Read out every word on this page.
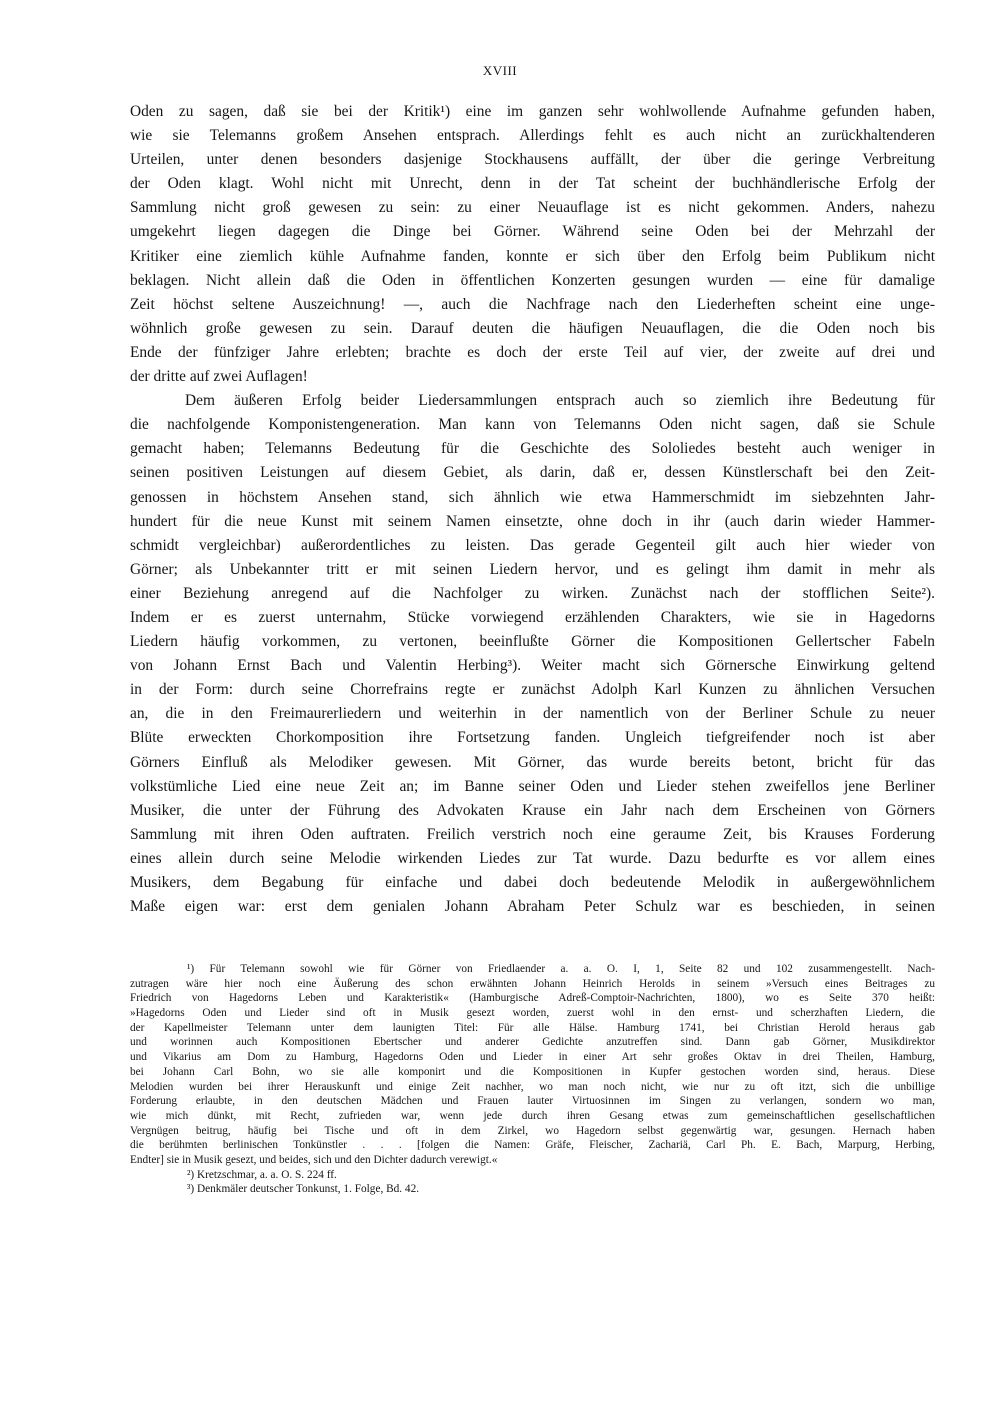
XVIII
Oden zu sagen, daß sie bei der Kritik¹) eine im ganzen sehr wohlwollende Aufnahme gefunden haben,
wie sie Telemanns großem Ansehen entsprach. Allerdings fehlt es auch nicht an zurückhaltenderen
Urteilen, unter denen besonders dasjenige Stockhausens auffällt, der über die geringe Verbreitung
der Oden klagt. Wohl nicht mit Unrecht, denn in der Tat scheint der buchhändlerische Erfolg der
Sammlung nicht groß gewesen zu sein: zu einer Neuauflage ist es nicht gekommen. Anders, nahezu
umgekehrt liegen dagegen die Dinge bei Görner. Während seine Oden bei der Mehrzahl der
Kritiker eine ziemlich kühle Aufnahme fanden, konnte er sich über den Erfolg beim Publikum nicht
beklagen. Nicht allein daß die Oden in öffentlichen Konzerten gesungen wurden — eine für damalige
Zeit höchst seltene Auszeichnung! —, auch die Nachfrage nach den Liederheften scheint eine unge-
wöhnlich große gewesen zu sein. Darauf deuten die häufigen Neuauflagen, die die Oden noch bis
Ende der fünfziger Jahre erlebten; brachte es doch der erste Teil auf vier, der zweite auf drei und
der dritte auf zwei Auflagen!
Dem äußeren Erfolg beider Liedersammlungen entsprach auch so ziemlich ihre Bedeutung für
die nachfolgende Komponistengeneration. Man kann von Telemanns Oden nicht sagen, daß sie Schule
gemacht haben; Telemanns Bedeutung für die Geschichte des Sololiedes besteht auch weniger in
seinen positiven Leistungen auf diesem Gebiet, als darin, daß er, dessen Künstlerschaft bei den Zeit-
genossen in höchstem Ansehen stand, sich ähnlich wie etwa Hammerschmidt im siebzehnten Jahr-
hundert für die neue Kunst mit seinem Namen einsetzte, ohne doch in ihr (auch darin wieder Hammer-
schmidt vergleichbar) außerordentliches zu leisten. Das gerade Gegenteil gilt auch hier wieder von
Görner; als Unbekannter tritt er mit seinen Liedern hervor, und es gelingt ihm damit in mehr als
einer Beziehung anregend auf die Nachfolger zu wirken. Zunächst nach der stofflichen Seite²).
Indem er es zuerst unternahm, Stücke vorwiegend erzählenden Charakters, wie sie in Hagedorns
Liedern häufig vorkommen, zu vertonen, beeinflußte Görner die Kompositionen Gellertscher Fabeln
von Johann Ernst Bach und Valentin Herbing³). Weiter macht sich Görnersche Einwirkung geltend
in der Form: durch seine Chorrefrains regte er zunächst Adolph Karl Kunzen zu ähnlichen Versuchen
an, die in den Freimaurerliedern und weiterhin in der namentlich von der Berliner Schule zu neuer
Blüte erweckten Chorkomposition ihre Fortsetzung fanden. Ungleich tiefgreifender noch ist aber
Görners Einfluß als Melodiker gewesen. Mit Görner, das wurde bereits betont, bricht für das
volkstümliche Lied eine neue Zeit an; im Banne seiner Oden und Lieder stehen zweifellos jene Berliner
Musiker, die unter der Führung des Advokaten Krause ein Jahr nach dem Erscheinen von Görners
Sammlung mit ihren Oden auftraten. Freilich verstrich noch eine geraume Zeit, bis Krauses Forderung
eines allein durch seine Melodie wirkenden Liedes zur Tat wurde. Dazu bedurfte es vor allem eines
Musikers, dem Begabung für einfache und dabei doch bedeutende Melodik in außergewöhnlichem
Maße eigen war: erst dem genialen Johann Abraham Peter Schulz war es beschieden, in seinen
¹) Für Telemann sowohl wie für Görner von Friedlaender a. a. O. I, 1, Seite 82 und 102 zusammengestellt. Nach-
zutragen wäre hier noch eine Äußerung des schon erwähnten Johann Heinrich Herolds in seinem »Versuch eines Beitrages zu
Friedrich von Hagedorns Leben und Karakteristik« (Hamburgische Adreß-Comptoir-Nachrichten, 1800), wo es Seite 370 heißt:
»Hagedorns Oden und Lieder sind oft in Musik gesezt worden, zuerst wohl in den ernst- und scherzhaften Liedern, die
der Kapellmeister Telemann unter dem launigten Titel: Für alle Hälse. Hamburg 1741, bei Christian Herold heraus gab
und worinnen auch Kompositionen Ebertscher und anderer Gedichte anzutreffen sind. Dann gab Görner, Musikdirektor
und Vikarius am Dom zu Hamburg, Hagedorns Oden und Lieder in einer Art sehr großes Oktav in drei Theilen, Hamburg,
bei Johann Carl Bohn, wo sie alle komponirt und die Kompositionen in Kupfer gestochen worden sind, heraus. Diese
Melodien wurden bei ihrer Herauskunft und einige Zeit nachher, wo man noch nicht, wie nur zu oft itzt, sich die unbillige
Forderung erlaubte, in den deutschen Mädchen und Frauen lauter Virtuosinnen im Singen zu verlangen, sondern wo man,
wie mich dünkt, mit Recht, zufrieden war, wenn jede durch ihren Gesang etwas zum gemeinschaftlichen gesellschaftlichen
Vergnügen beitrug, häufig bei Tische und oft in dem Zirkel, wo Hagedorn selbst gegenwärtig war, gesungen. Hernach haben
die berühmten berlinischen Tonkünstler . . . [folgen die Namen: Gräfe, Fleischer, Zachariä, Carl Ph. E. Bach, Marpurg, Herbing,
Endter] sie in Musik gesezt, und beides, sich und den Dichter dadurch verewigt.«
²) Kretzschmar, a. a. O. S. 224 ff.
³) Denkmäler deutscher Tonkunst, 1. Folge, Bd. 42.
